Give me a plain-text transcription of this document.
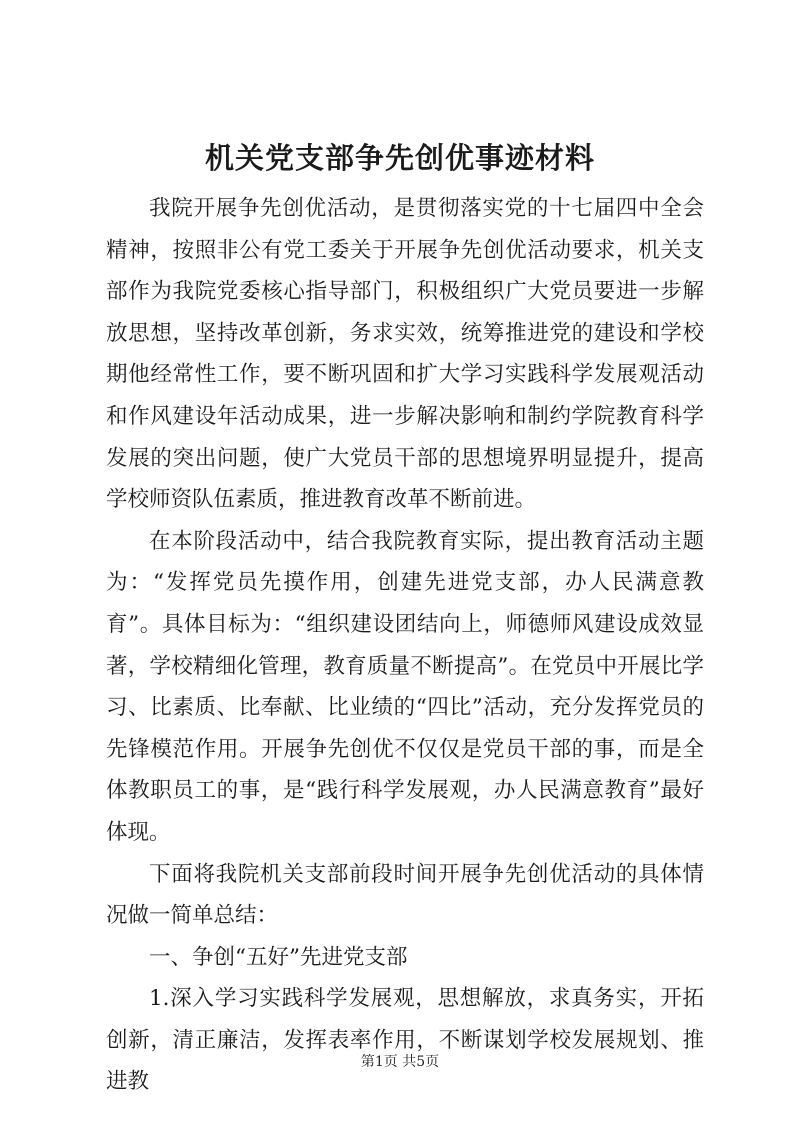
机关党支部争先创优事迹材料

我院开展争先创优活动，是贯彻落实党的十七届四中全会精神，按照非公有党工委关于开展争先创优活动要求，机关支部作为我院党委核心指导部门，积极组织广大党员要进一步解放思想，坚持改革创新，务求实效，统筹推进党的建设和学校期他经常性工作，要不断巩固和扩大学习实践科学发展观活动和作风建设年活动成果，进一步解决影响和制约学院教育科学发展的突出问题，使广大党员干部的思想境界明显提升，提高学校师资队伍素质，推进教育改革不断前进。

在本阶段活动中，结合我院教育实际，提出教育活动主题为：“发挥党员先摸作用，创建先进党支部，办人民满意教育”。具体目标为：“组织建设团结向上，师德师风建设成效显著，学校精细化管理，教育质量不断提高”。在党员中开展比学习、比素质、比奉献、比业绩的“四比”活动，充分发挥党员的先锋模范作用。开展争先创优不仅仅是党员干部的事，而是全体教职员工的事，是“践行科学发展观，办人民满意教育”最好体现。

下面将我院机关支部前段时间开展争先创优活动的具体情况做一简单总结：

一、争创“五好”先进党支部

1.深入学习实践科学发展观，思想解放，求真务实，开拓创新，清正廉洁，发挥表率作用，不断谋划学校发展规划、推进教

第1页 共5页
